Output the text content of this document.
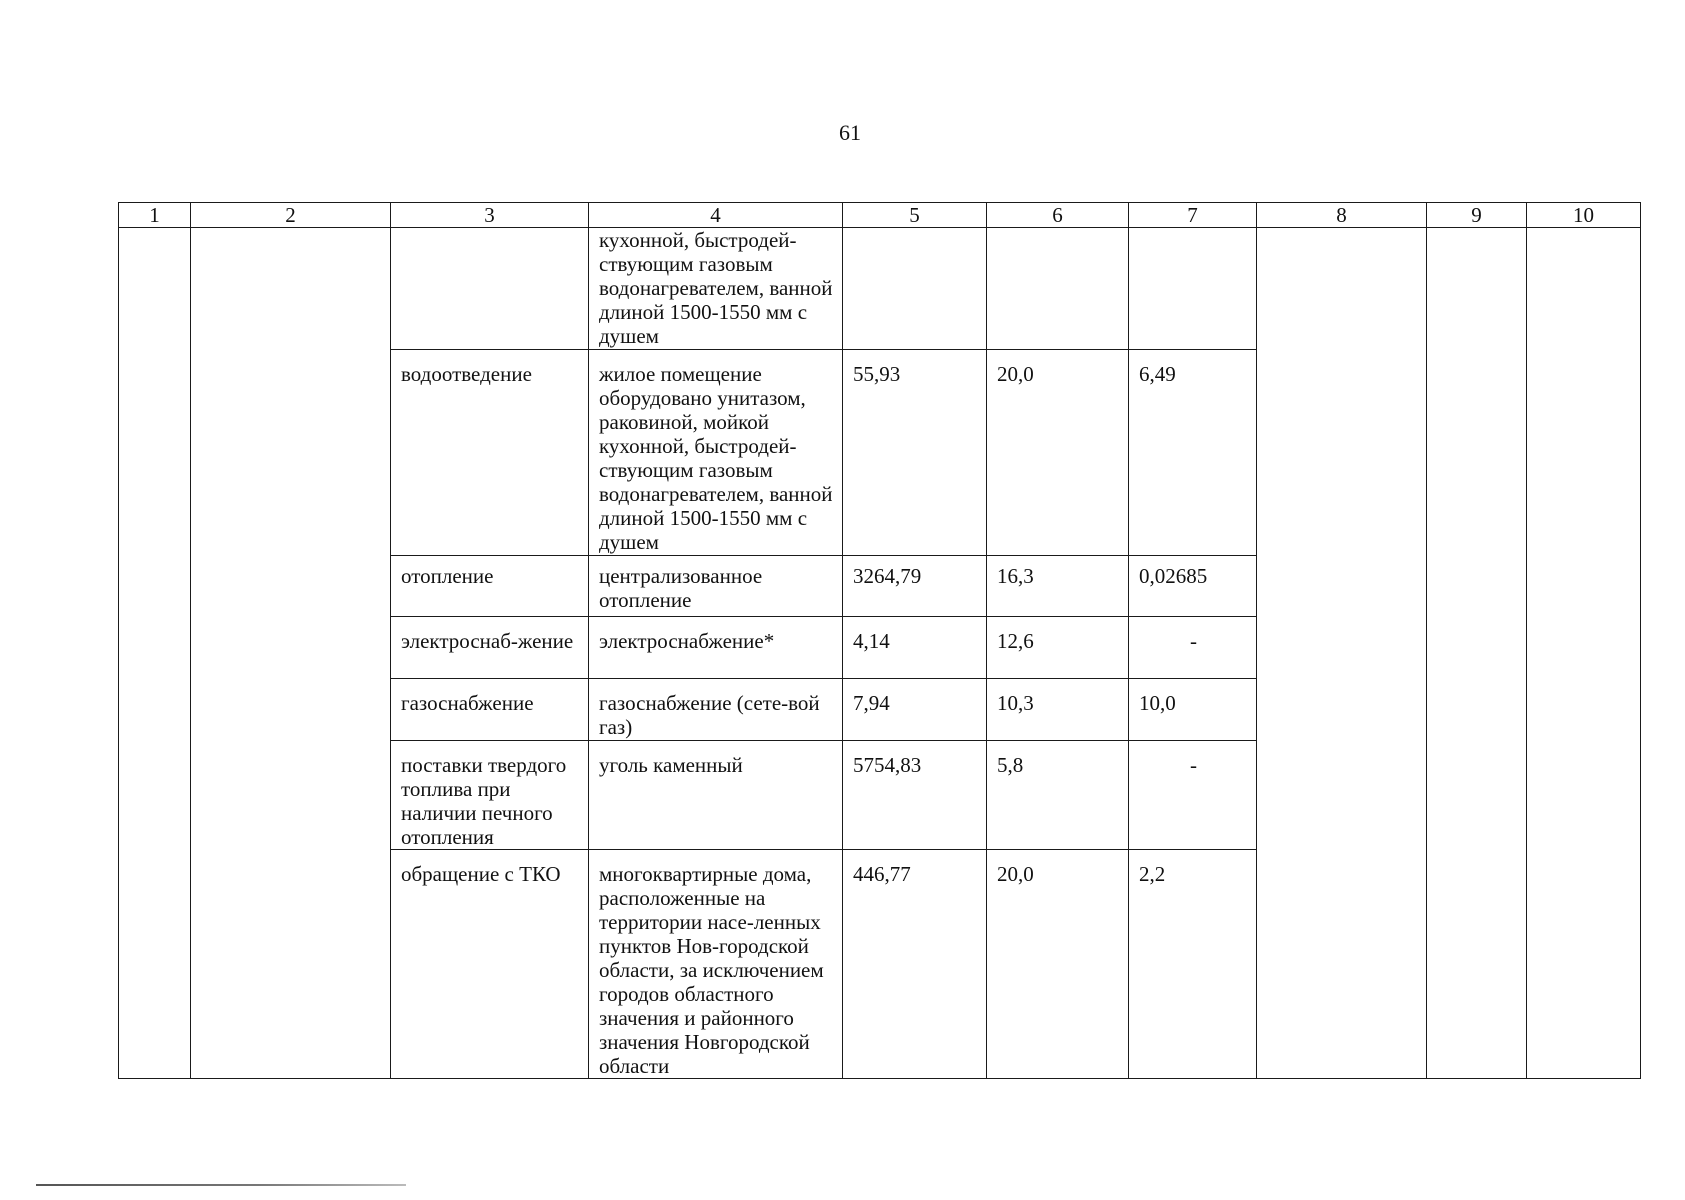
61
1	2	3	4	5	6	7	8	9	10

			кухонной, быстродей-ствующим газовым водонагревателем, ванной длиной 1500-1550 мм с душем						

		водоотведение	жилое помещение оборудовано унитазом, раковиной, мойкой кухонной, быстродей-ствующим газовым водонагревателем, ванной длиной 1500-1550 мм с душем	55,93	20,0	6,49			

		отопление	централизованное отопление	3264,79	16,3	0,02685			

		электроснаб-жение	электроснабжение*	4,14	12,6	-			

		газоснабжение	газоснабжение (сете-вой газ)	7,94	10,3	10,0			

		поставки твердого топлива при наличии печного отопления	уголь каменный	5754,83	5,8	-			

		обращение с ТКО	многоквартирные дома, расположенные на территории насе-ленных пунктов Нов-городской области, за исключением городов областного значения и районного значения Новгородской области	446,77	20,0	2,2			
